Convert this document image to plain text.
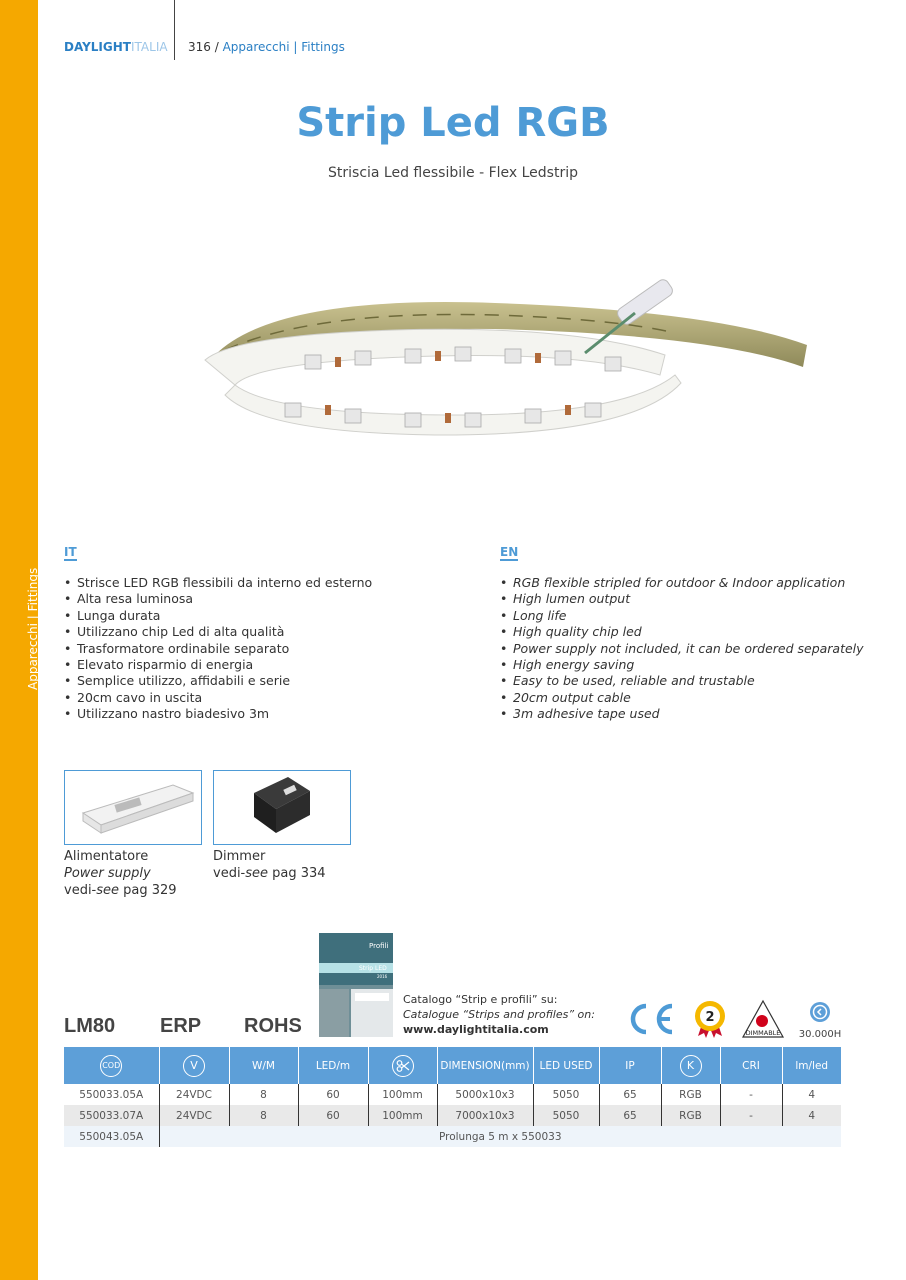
Apparecchi | Fittings
DAYLIGHTITALIA 316 / Apparecchi | Fittings
Strip Led RGB
Striscia Led flessibile - Flex Ledstrip
IT
• Strisce LED RGB flessibili da interno ed esterno
• Alta resa luminosa
• Lunga durata
• Utilizzano chip Led di alta qualità
• Trasformatore ordinabile separato
• Elevato risparmio di energia
• Semplice utilizzo, affidabili e serie
• 20cm cavo in uscita
• Utilizzano nastro biadesivo 3m
EN
• RGB flexible stripled for outdoor & Indoor application
• High lumen output
• Long life
• High quality chip led
• Power supply not included, it can be ordered separately
• High energy saving
• Easy to be used, reliable and trustable
• 20cm output cable
• 3m adhesive tape used
Alimentatore
Power supply
vedi-see pag 329
Dimmer
vedi-see pag 334
Profili
Strip LED
2016
Catalogo “Strip e profili” su:
Catalogue “Strips and profiles” on:
www.daylightitalia.com
LM80 ERP ROHS	2
DIMMABLE 30.000H
COD	V	W/M	LED/m		DIMENSION(mm)	LED USED	IP	K	CRI	lm/led
550033.05A	24VDC	8	60	100mm	5000x10x3	5050	65	RGB	-	4
550033.07A	24VDC	8	60	100mm	7000x10x3	5050	65	RGB	-	4
550043.05A	Prolunga 5 m x 550033									
